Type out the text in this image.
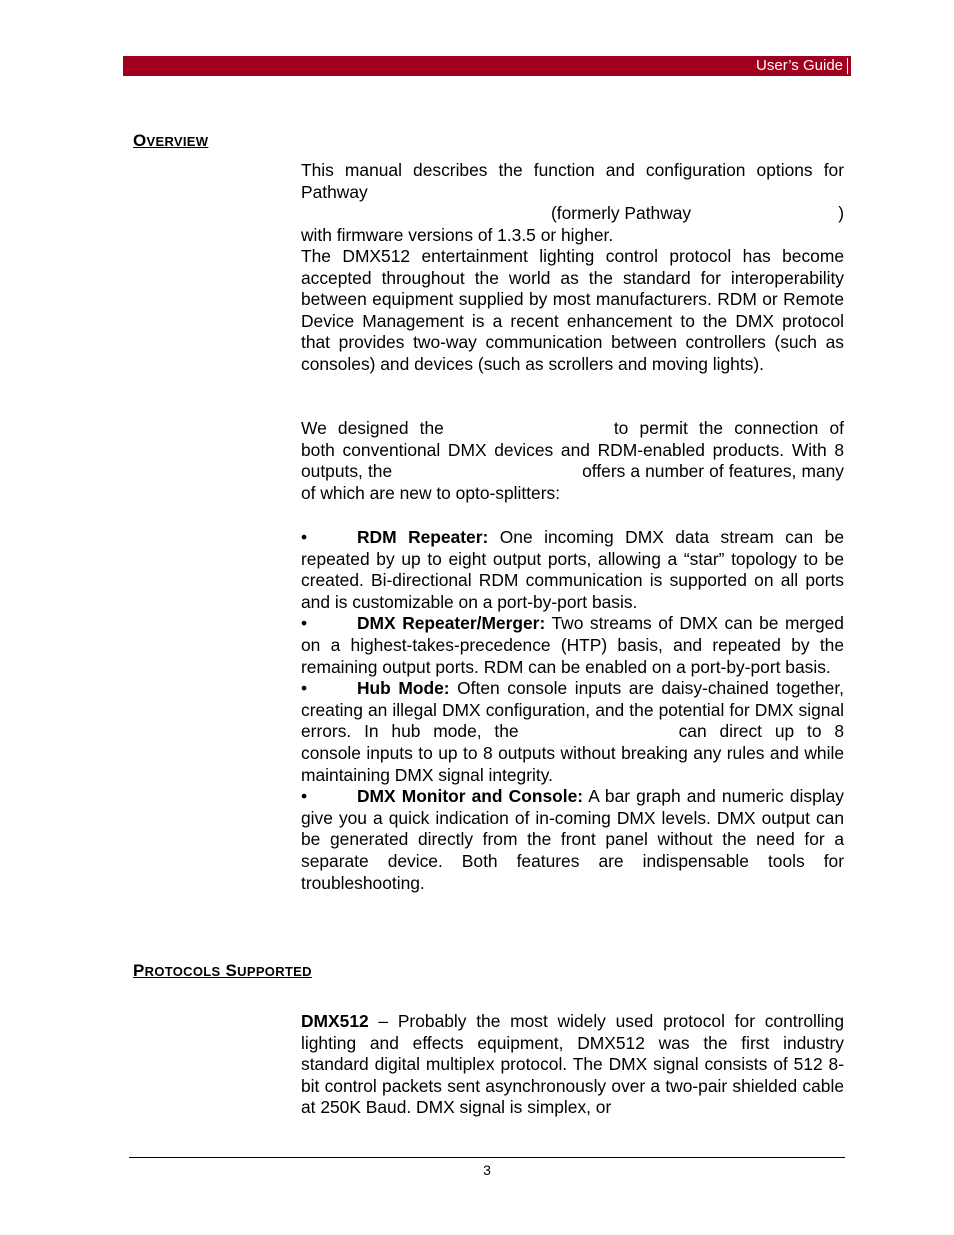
User’s Guide
OVERVIEW
This manual describes the function and configuration options for Pathway
(formerly Pathway	)
with firmware versions of 1.3.5 or higher.
The DMX512 entertainment lighting control protocol has become accepted throughout the world as the standard for interoperability between equipment supplied by most manufacturers. RDM or Remote Device Management is a recent enhancement to the DMX protocol that provides two-way communication between controllers (such as consoles) and devices (such as scrollers and moving lights).
We designed the	to permit the connection of both conventional DMX devices and RDM-enabled products. With 8 outputs, the	offers a number of features, many of which are new to opto-splitters:
•	RDM Repeater: One incoming DMX data stream can be repeated by up to eight output ports, allowing a “star” topology to be created. Bi-directional RDM communication is supported on all ports and is customizable on a port-by-port basis.
•	DMX Repeater/Merger: Two streams of DMX can be merged on a highest-takes-precedence (HTP) basis, and repeated by the remaining output ports. RDM can be enabled on a port-by-port basis.
•	Hub Mode: Often console inputs are daisy-chained together, creating an illegal DMX configuration, and the potential for DMX signal errors. In hub mode, the	can direct up to 8 console inputs to up to 8 outputs without breaking any rules and while maintaining DMX signal integrity.
•	DMX Monitor and Console: A bar graph and numeric display give you a quick indication of in-coming DMX levels. DMX output can be generated directly from the front panel without the need for a separate device. Both features are indispensable tools for troubleshooting.
PROTOCOLS SUPPORTED
DMX512 – Probably the most widely used protocol for controlling lighting and effects equipment, DMX512 was the first industry standard digital multiplex protocol. The DMX signal consists of 512 8-bit control packets sent asynchronously over a two-pair shielded cable at 250K Baud. DMX signal is simplex, or
3
